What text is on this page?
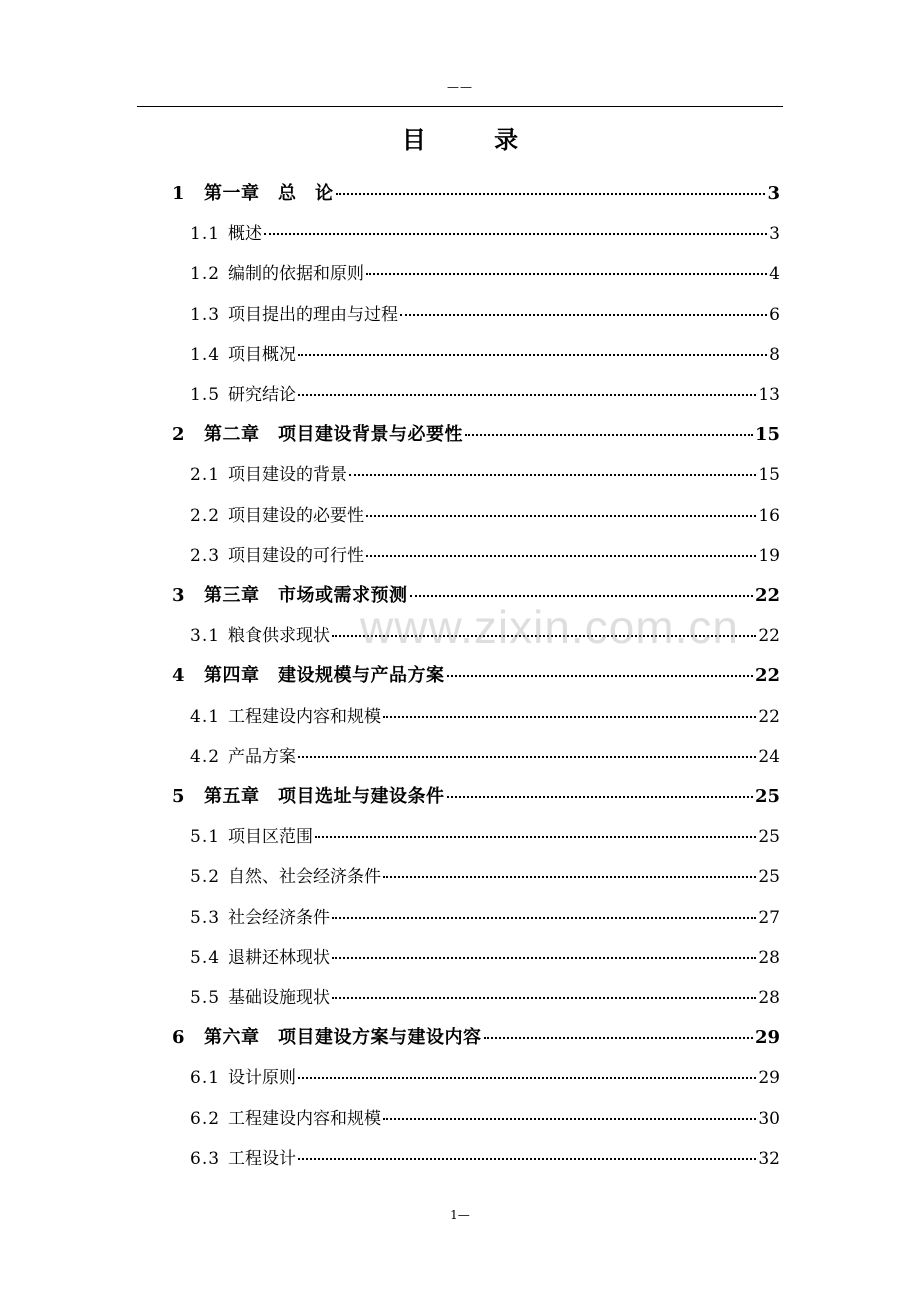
——
目 录
1	第一章　总　论	3
1.1 概述	3
1.2 编制的依据和原则	4
1.3 项目提出的理由与过程	6
1.4 项目概况	8
1.5 研究结论	13
2	第二章　项目建设背景与必要性	15
2.1 项目建设的背景	15
2.2 项目建设的必要性	16
2.3 项目建设的可行性	19
3	第三章　市场或需求预测	22
3.1 粮食供求现状	22
4	第四章　建设规模与产品方案	22
4.1 工程建设内容和规模	22
4.2 产品方案	24
5	第五章　项目选址与建设条件	25
5.1 项目区范围	25
5.2 自然、社会经济条件	25
5.3 社会经济条件	27
5.4 退耕还林现状	28
5.5 基础设施现状	28
6	第六章　项目建设方案与建设内容	29
6.1 设计原则	29
6.2 工程建设内容和规模	30
6.3 工程设计	32
www.zixin.com.cn
1—
